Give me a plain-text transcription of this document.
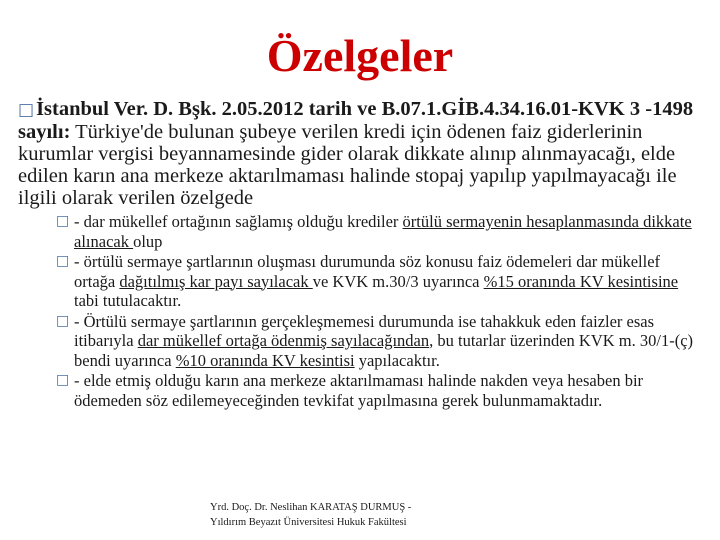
Özelgeler

□İstanbul Ver. D. Bşk. 2.05.2012 tarih ve B.07.1.GİB.4.34.16.01-KVK 3 -1498 sayılı: Türkiye'de bulunan şubeye verilen kredi için ödenen faiz giderlerinin kurumlar vergisi beyannamesinde gider olarak dikkate alınıp alınmayacağı, elde edilen karın ana merkeze aktarılmaması halinde stopaj yapılıp yapılmayacağı ile ilgili olarak verilen özelgede

□ - dar mükellef ortağının sağlamış olduğu krediler örtülü sermayenin hesaplanmasında dikkate alınacak olup
□ - örtülü sermaye şartlarının oluşması durumunda söz konusu faiz ödemeleri dar mükellef ortağa dağıtılmış kar payı sayılacak ve KVK m.30/3 uyarınca %15 oranında KV kesintisine tabi tutulacaktır.
□ - Örtülü sermaye şartlarının gerçekleşmemesi durumunda ise tahakkuk eden faizler esas itibarıyla dar mükellef ortağa ödenmiş sayılacağından, bu tutarlar üzerinden KVK m. 30/1-(ç) bendi uyarınca %10 oranında KV kesintisi yapılacaktır.
□ - elde etmiş olduğu karın ana merkeze aktarılmaması halinde nakden veya hesaben bir ödemeden söz edilemeyeceğinden tevkifat yapılmasına gerek bulunmamaktadır.
Yrd. Doç. Dr. Neslihan KARATAŞ DURMUŞ -
Yıldırım Beyazıt Üniversitesi Hukuk Fakültesi
